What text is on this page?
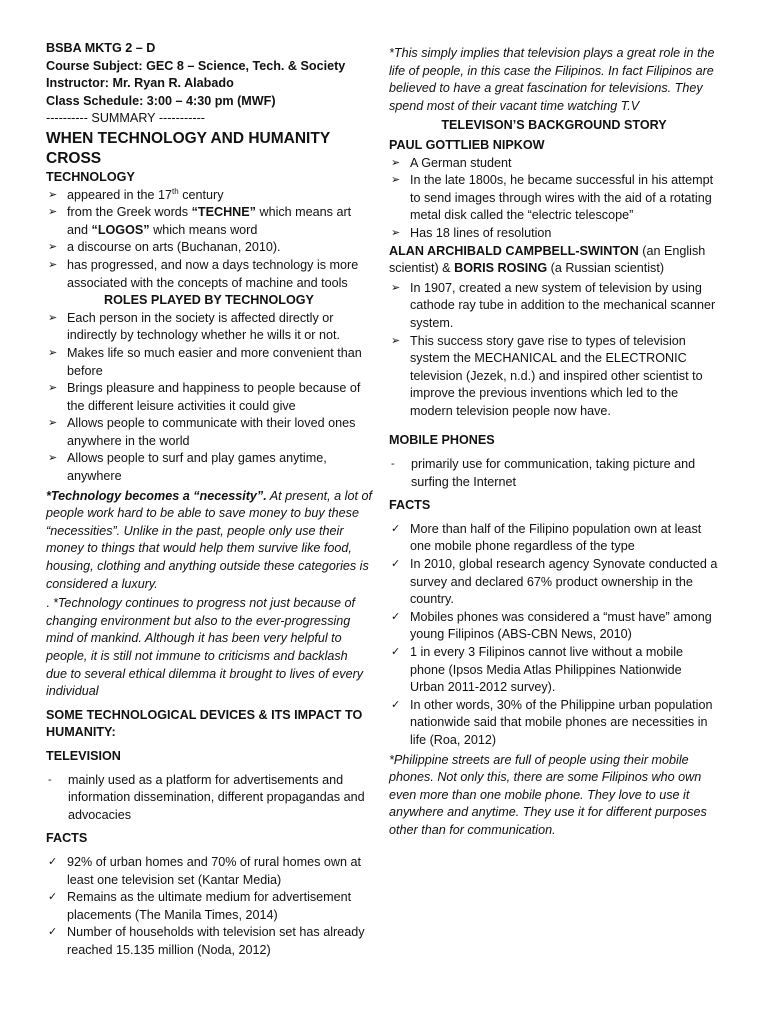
BSBA MKTG 2 – D

Course Subject: GEC 8 – Science, Tech. & Society

Instructor: Mr. Ryan R. Alabado

Class Schedule: 3:00 – 4:30 pm (MWF)

---------- SUMMARY -----------

WHEN TECHNOLOGY AND HUMANITY CROSS

TECHNOLOGY

➢ appeared in the 17th century
➢ from the Greek words “TECHNE” which means art and “LOGOS” which means word
➢ a discourse on arts (Buchanan, 2010).
➢ has progressed, and now a days technology is more associated with the concepts of machine and tools

ROLES PLAYED BY TECHNOLOGY

➢ Each person in the society is affected directly or indirectly by technology whether he wills it or not.
➢ Makes life so much easier and more convenient than before
➢ Brings pleasure and happiness to people because of the different leisure activities it could give
➢ Allows people to communicate with their loved ones anywhere in the world
➢ Allows people to surf and play games anytime, anywhere

*Technology becomes a “necessity”. At present, a lot of people work hard to be able to save money to buy these “necessities”. Unlike in the past, people only use their money to things that would help them survive like food, housing, clothing and anything outside these categories is considered a luxury.

. *Technology continues to progress not just because of changing environment but also to the ever-progressing mind of mankind. Although it has been very helpful to people, it is still not immune to criticisms and backlash due to several ethical dilemma it brought to lives of every individual

SOME TECHNOLOGICAL DEVICES & ITS IMPACT TO HUMANITY:

TELEVISION

- mainly used as a platform for advertisements and information dissemination, different propagandas and advocacies

FACTS

✓ 92% of urban homes and 70% of rural homes own at least one television set (Kantar Media)
✓ Remains as the ultimate medium for advertisement placements (The Manila Times, 2014)
✓ Number of households with television set has already reached 15.135 million (Noda, 2012)

*This simply implies that television plays a great role in the life of people, in this case the Filipinos. In fact Filipinos are believed to have a great fascination for televisions. They spend most of their vacant time watching T.V

TELEVISON’S BACKGROUND STORY

PAUL GOTTLIEB NIPKOW

➢ A German student
➢ In the late 1800s, he became successful in his attempt to send images through wires with the aid of a rotating metal disk called the “electric telescope”
➢ Has 18 lines of resolution

ALAN ARCHIBALD CAMPBELL-SWINTON (an English scientist) & BORIS ROSING (a Russian scientist)

➢ In 1907, created a new system of television by using cathode ray tube in addition to the mechanical scanner system.
➢ This success story gave rise to types of television system the MECHANICAL and the ELECTRONIC television (Jezek, n.d.) and inspired other scientist to improve the previous inventions which led to the modern television people now have.

MOBILE PHONES

- primarily use for communication, taking picture and surfing the Internet

FACTS

✓ More than half of the Filipino population own at least one mobile phone regardless of the type
✓ In 2010, global research agency Synovate conducted a survey and declared 67% product ownership in the country.
✓ Mobiles phones was considered a “must have” among young Filipinos (ABS-CBN News, 2010)
✓ 1 in every 3 Filipinos cannot live without a mobile phone (Ipsos Media Atlas Philippines Nationwide Urban 2011-2012 survey).
✓ In other words, 30% of the Philippine urban population nationwide said that mobile phones are necessities in life (Roa, 2012)

*Philippine streets are full of people using their mobile phones. Not only this, there are some Filipinos who own even more than one mobile phone. They love to use it anywhere and anytime. They use it for different purposes other than for communication.
